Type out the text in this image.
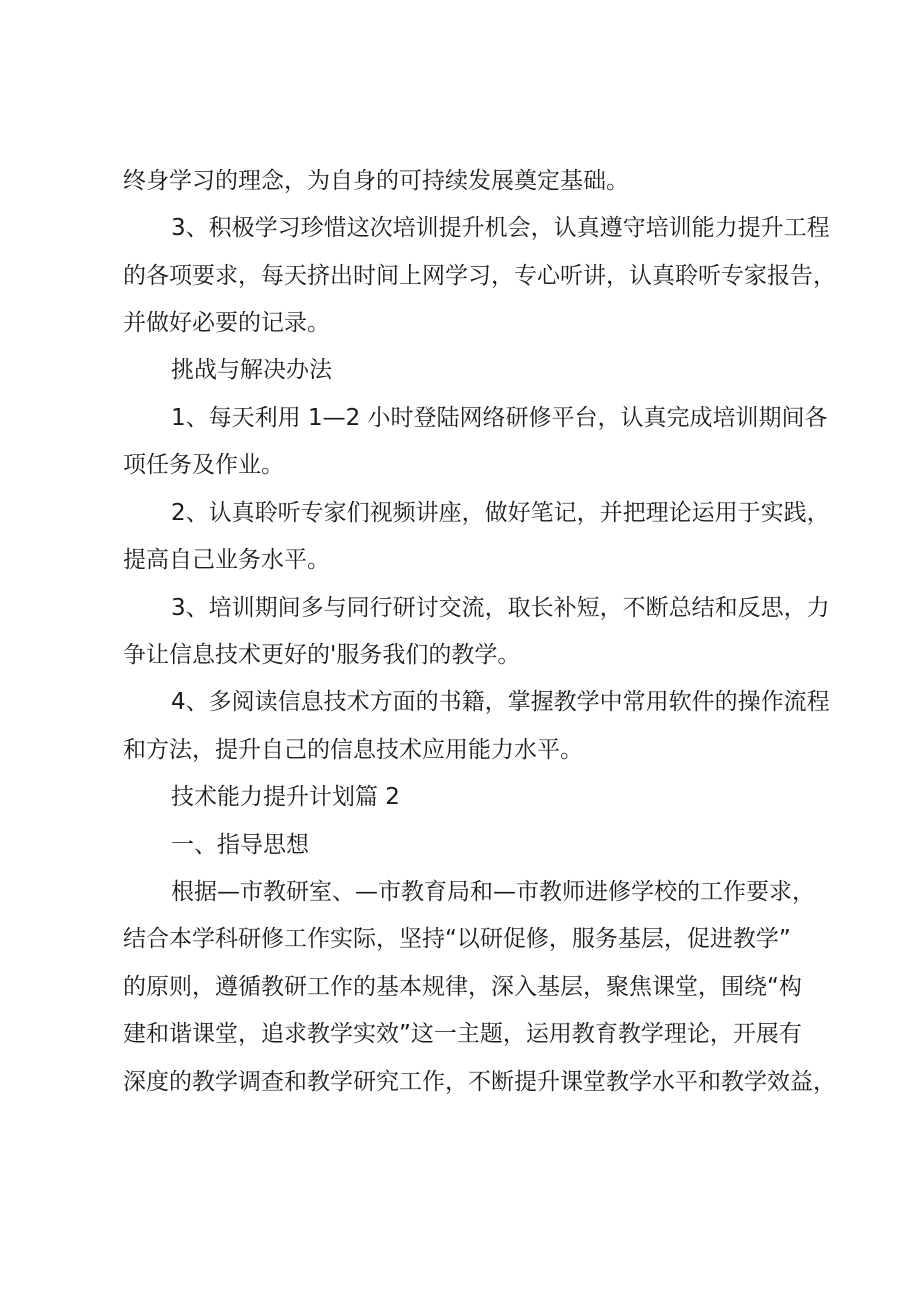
终身学习的理念，为自身的可持续发展奠定基础。
3、积极学习珍惜这次培训提升机会，认真遵守培训能力提升工程
的各项要求，每天挤出时间上网学习，专心听讲，认真聆听专家报告，
并做好必要的记录。
挑战与解决办法
1、每天利用 1—2 小时登陆网络研修平台，认真完成培训期间各
项任务及作业。
2、认真聆听专家们视频讲座，做好笔记，并把理论运用于实践，
提高自己业务水平。
3、培训期间多与同行研讨交流，取长补短，不断总结和反思，力
争让信息技术更好的'服务我们的教学。
4、多阅读信息技术方面的书籍，掌握教学中常用软件的操作流程
和方法，提升自己的信息技术应用能力水平。
技术能力提升计划篇 2
一、指导思想
根据—市教研室、—市教育局和—市教师进修学校的工作要求，
结合本学科研修工作实际，坚持“以研促修，服务基层，促进教学”
的原则，遵循教研工作的基本规律，深入基层，聚焦课堂，围绕“构
建和谐课堂，追求教学实效”这一主题，运用教育教学理论，开展有
深度的教学调查和教学研究工作，不断提升课堂教学水平和教学效益，
